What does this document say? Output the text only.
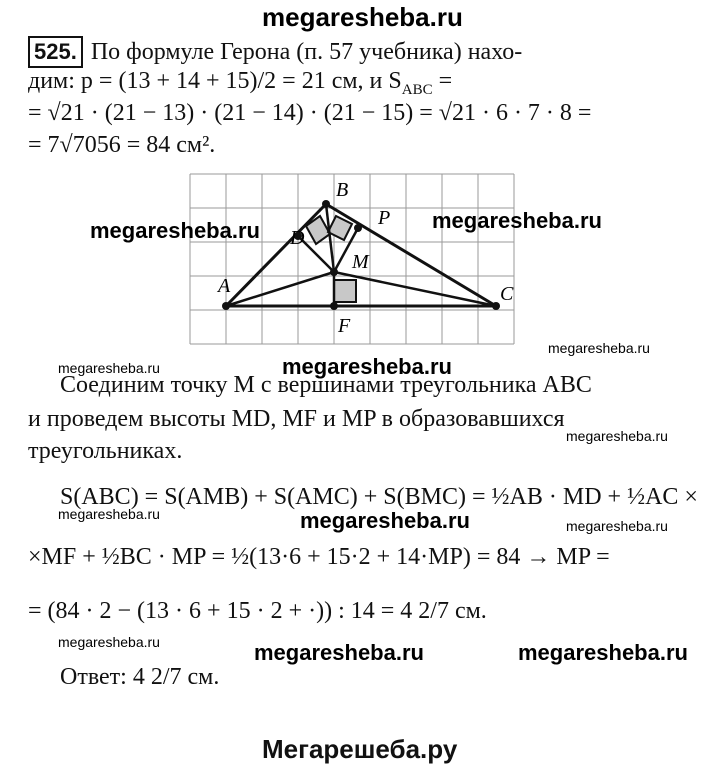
megaresheba.ru
525. По формуле Герона (п. 57 учебника) нахо-
дим: p = (13 + 14 + 15)/2 = 21 см, и $S_{ABC}$ =
= √21 · (21 − 13) · (21 − 14) · (21 − 15) = √21 · 6 · 7 · 8 =
= 7√7056 = 84 см².
A
B
C
D
P
M
F
megaresheba.ru	megaresheba.ru
megaresheba.ru	megaresheba.ru
megaresheba.ru
Соединим точку M с вершинами треугольника ABC
и проведем высоты MD, MF и MP в образовавшихся
megaresheba.ru
треугольниках.
S(ABC) = S(AMB) + S(AMC) + S(BMC) = ½AB · MD + ½AC ×
megaresheba.ru	megaresheba.ru	megaresheba.ru
×MF + ½BC · MP = ½(13·6 + 15·2 + 14·MP) = 84 → MP =
= (84 · 2 − (13 · 6 + 15 · 2 + ·)) : 14 = 4 2/7 см.
megaresheba.ru	megaresheba.ru	megaresheba.ru
Ответ: 4 2/7 см.
Мегарешеба.ру
